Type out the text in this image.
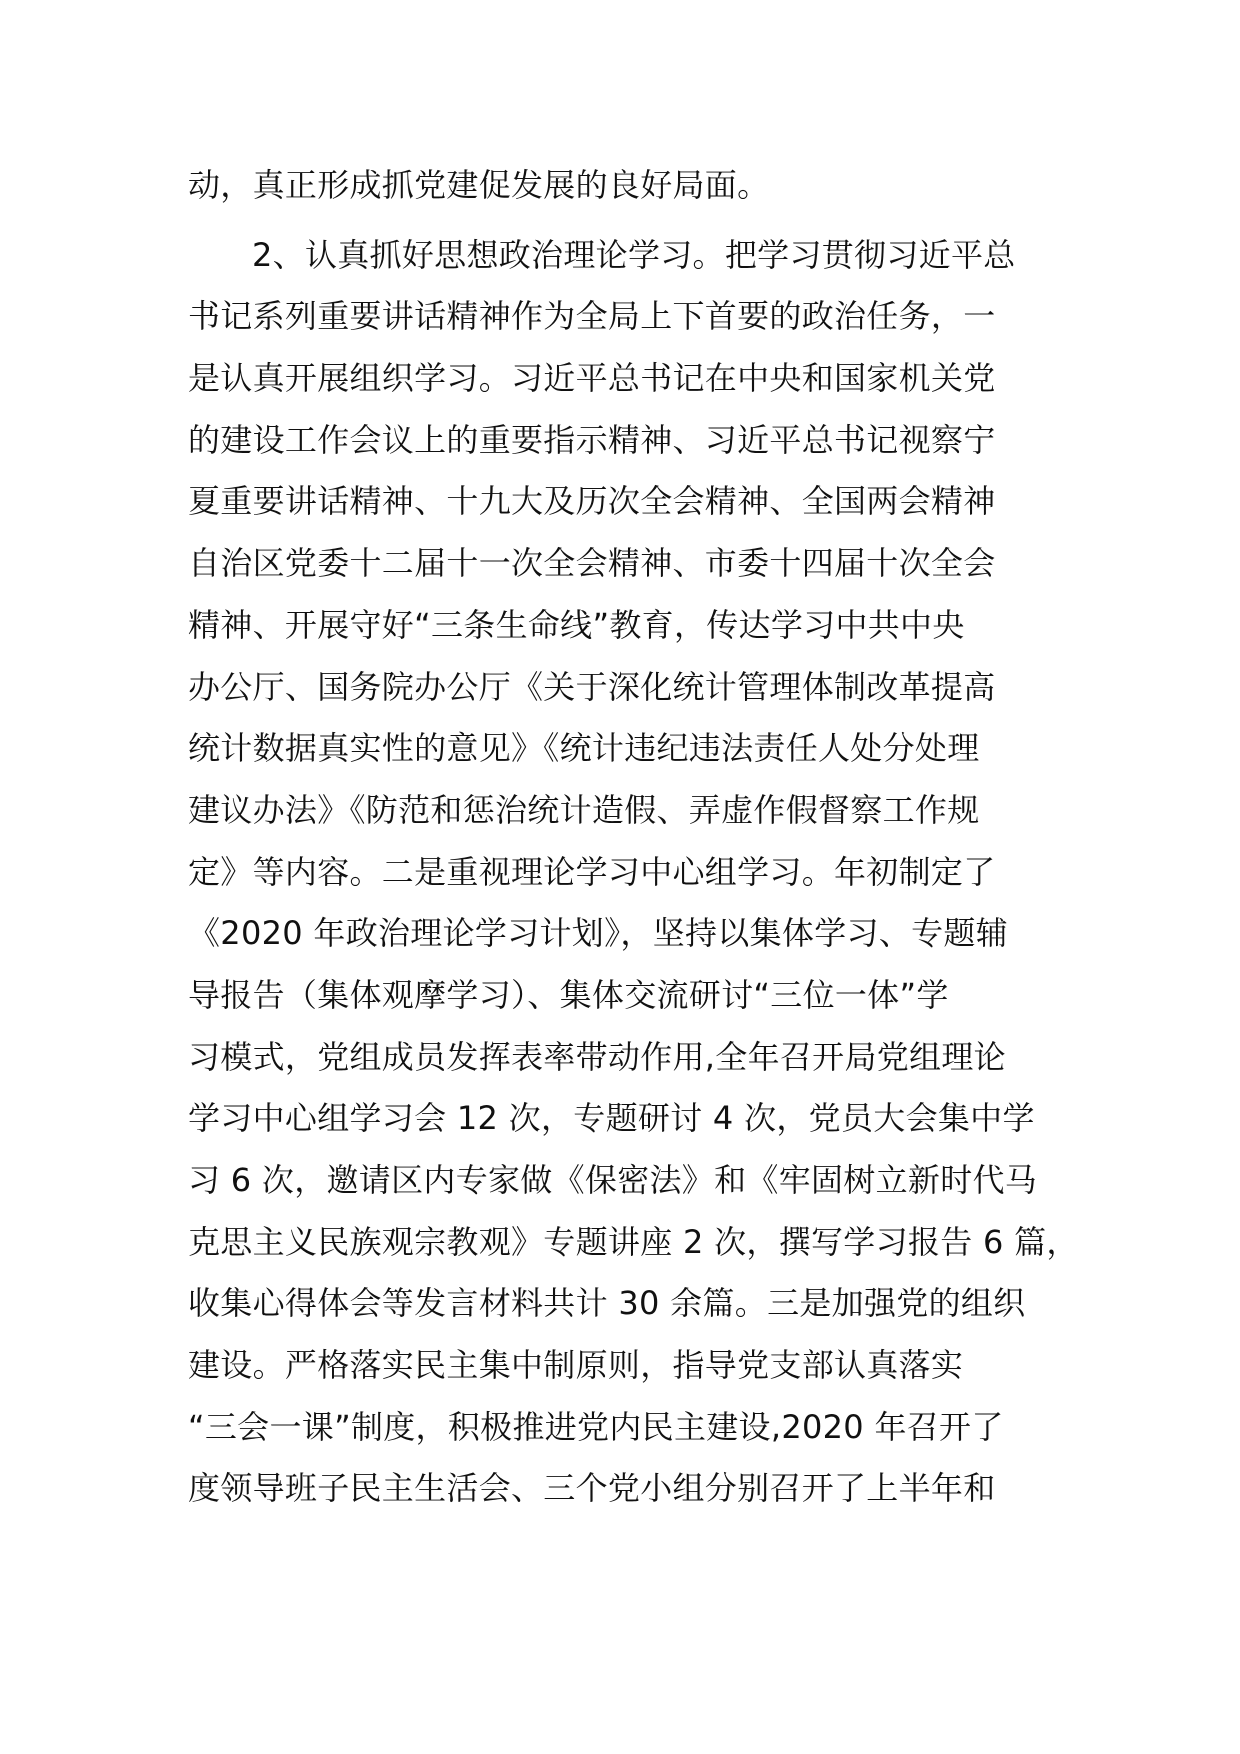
动，真正形成抓党建促发展的良好局面。
2、认真抓好思想政治理论学习。把学习贯彻习近平总
书记系列重要讲话精神作为全局上下首要的政治任务，一
是认真开展组织学习。习近平总书记在中央和国家机关党
的建设工作会议上的重要指示精神、习近平总书记视察宁
夏重要讲话精神、十九大及历次全会精神、全国两会精神
自治区党委十二届十一次全会精神、市委十四届十次全会
精神、开展守好“三条生命线”教育，传达学习中共中央
办公厅、国务院办公厅《关于深化统计管理体制改革提高
统计数据真实性的意见》《统计违纪违法责任人处分处理
建议办法》《防范和惩治统计造假、弄虚作假督察工作规
定》等内容。二是重视理论学习中心组学习。年初制定了
《2020 年政治理论学习计划》，坚持以集体学习、专题辅
导报告（集体观摩学习）、集体交流研讨“三位一体”学
习模式，党组成员发挥表率带动作用,全年召开局党组理论
学习中心组学习会 12 次，专题研讨 4 次，党员大会集中学
习 6 次，邀请区内专家做《保密法》和《牢固树立新时代马
克思主义民族观宗教观》专题讲座 2 次，撰写学习报告 6 篇，
收集心得体会等发言材料共计 30 余篇。三是加强党的组织
建设。严格落实民主集中制原则，指导党支部认真落实
“三会一课”制度，积极推进党内民主建设,2020 年召开了
度领导班子民主生活会、三个党小组分别召开了上半年和
